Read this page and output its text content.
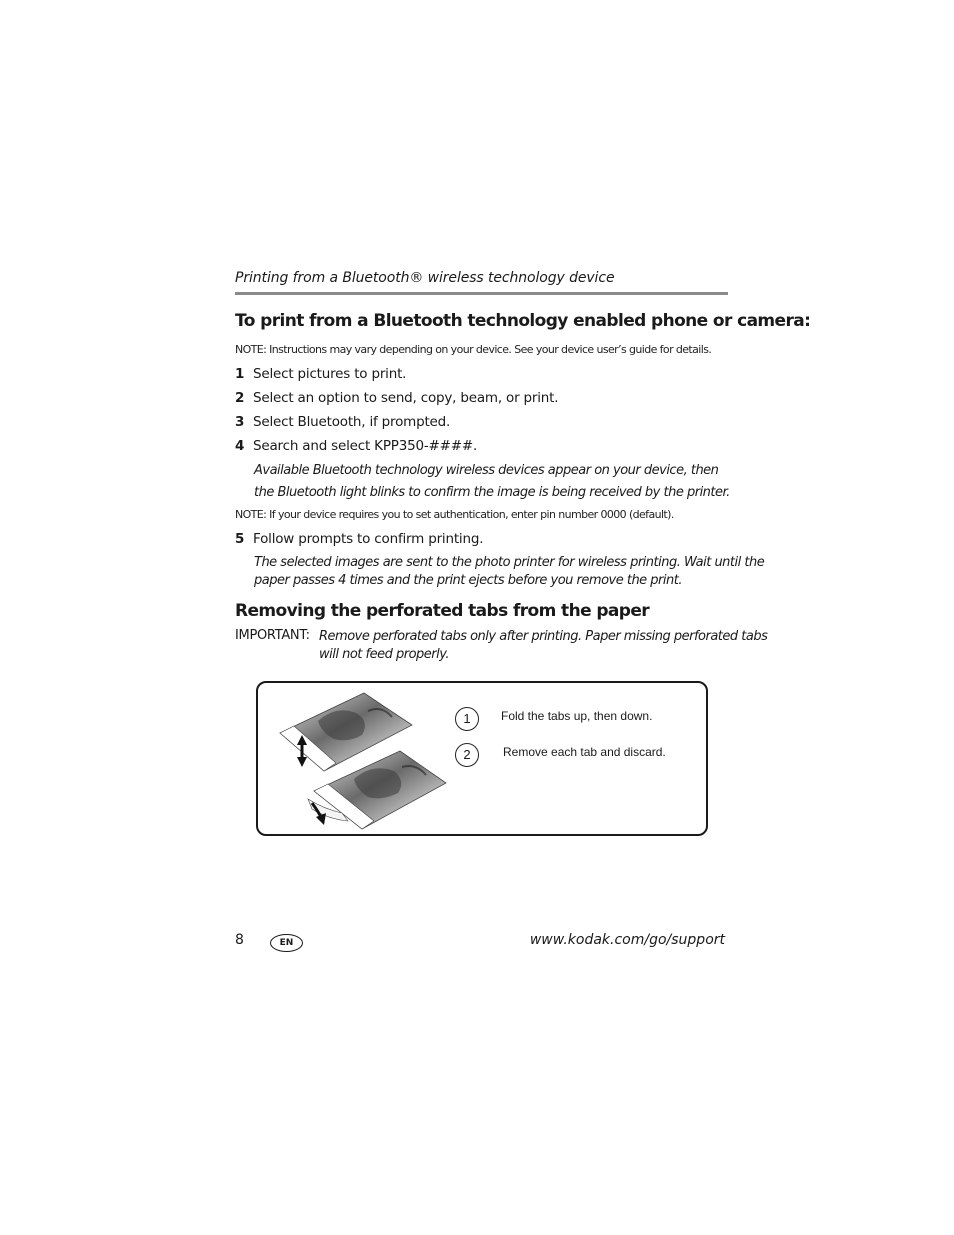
Printing from a Bluetooth® wireless technology device
To print from a Bluetooth technology enabled phone or camera:
NOTE: Instructions may vary depending on your device. See your device user’s guide for details.
1 Select pictures to print.
2 Select an option to send, copy, beam, or print.
3 Select Bluetooth, if prompted.
4 Search and select KPP350-####.
Available Bluetooth technology wireless devices appear on your device, then
the Bluetooth light blinks to confirm the image is being received by the printer.
NOTE: If your device requires you to set authentication, enter pin number 0000 (default).
5 Follow prompts to confirm printing.
The selected images are sent to the photo printer for wireless printing. Wait until the
paper passes 4 times and the print ejects before you remove the print.
Removing the perforated tabs from the paper
IMPORTANT: Remove perforated tabs only after printing. Paper missing perforated tabs
will not feed properly.
1	Fold the tabs up, then down.
2	Remove each tab and discard.
8	EN	www.kodak.com/go/support
